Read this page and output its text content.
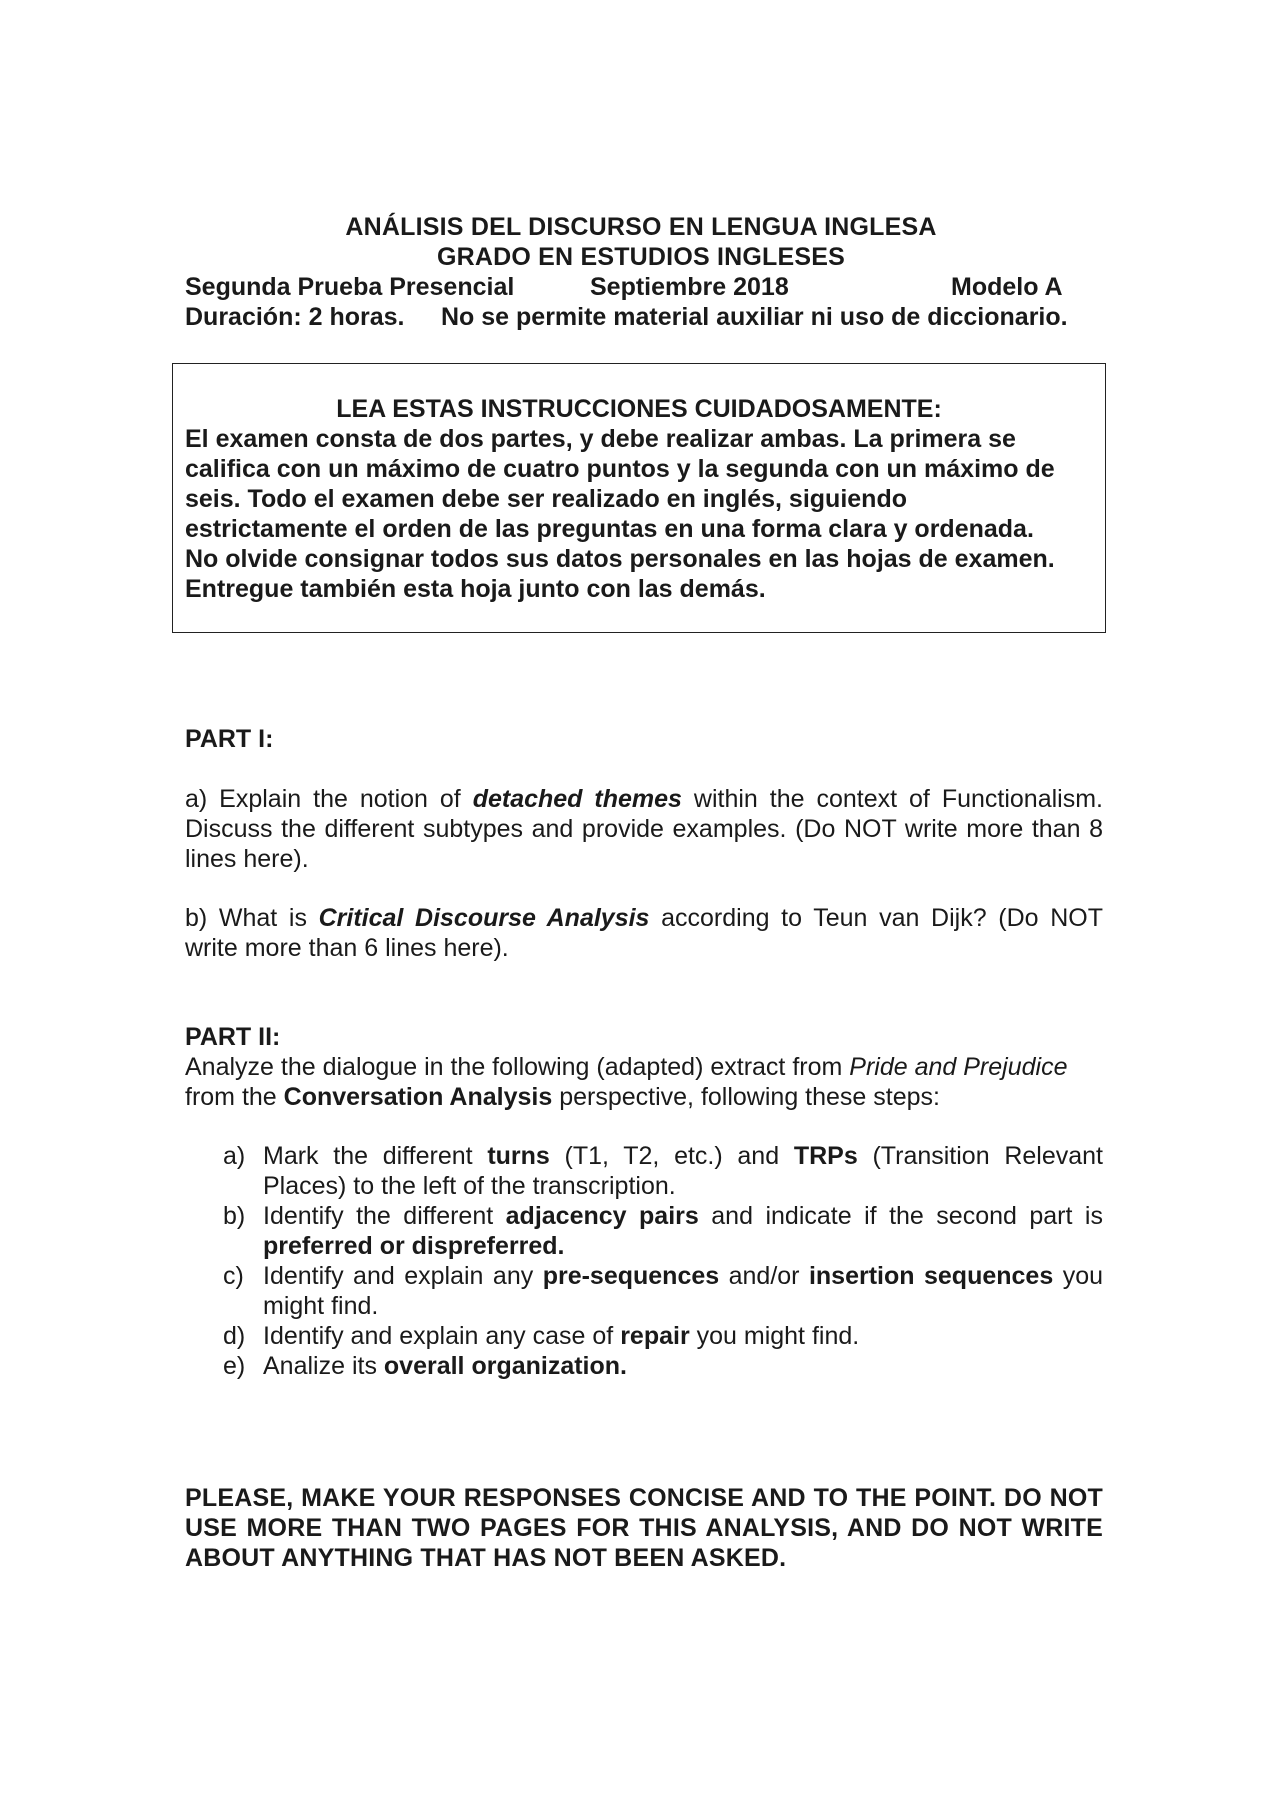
ANÁLISIS DEL DISCURSO EN LENGUA INGLESA
GRADO EN ESTUDIOS INGLESES
Segunda Prueba Presencial	Septiembre 2018	Modelo A
Duración: 2 horas. No se permite material auxiliar ni uso de diccionario.
LEA ESTAS INSTRUCCIONES CUIDADOSAMENTE:
El examen consta de dos partes, y debe realizar ambas. La primera se
califica con un máximo de cuatro puntos y la segunda con un máximo de
seis. Todo el examen debe ser realizado en inglés, siguiendo
estrictamente el orden de las preguntas en una forma clara y ordenada.
No olvide consignar todos sus datos personales en las hojas de examen.
Entregue también esta hoja junto con las demás.

PART I:

a) Explain the notion of detached themes within the context of Functionalism. Discuss the different subtypes and provide examples. (Do NOT write more than 8 lines here).

b) What is Critical Discourse Analysis according to Teun van Dijk? (Do NOT write more than 6 lines here).

PART II:

Analyze the dialogue in the following (adapted) extract from Pride and Prejudice from the Conversation Analysis perspective, following these steps:

a) Mark the different turns (T1, T2, etc.) and TRPs (Transition Relevant Places) to the left of the transcription.
b) Identify the different adjacency pairs and indicate if the second part is preferred or dispreferred.
c) Identify and explain any pre-sequences and/or insertion sequences you might find.
d) Identify and explain any case of repair you might find.
e) Analize its overall organization.
PLEASE, MAKE YOUR RESPONSES CONCISE AND TO THE POINT. DO NOT USE MORE THAN TWO PAGES FOR THIS ANALYSIS, AND DO NOT WRITE ABOUT ANYTHING THAT HAS NOT BEEN ASKED.
